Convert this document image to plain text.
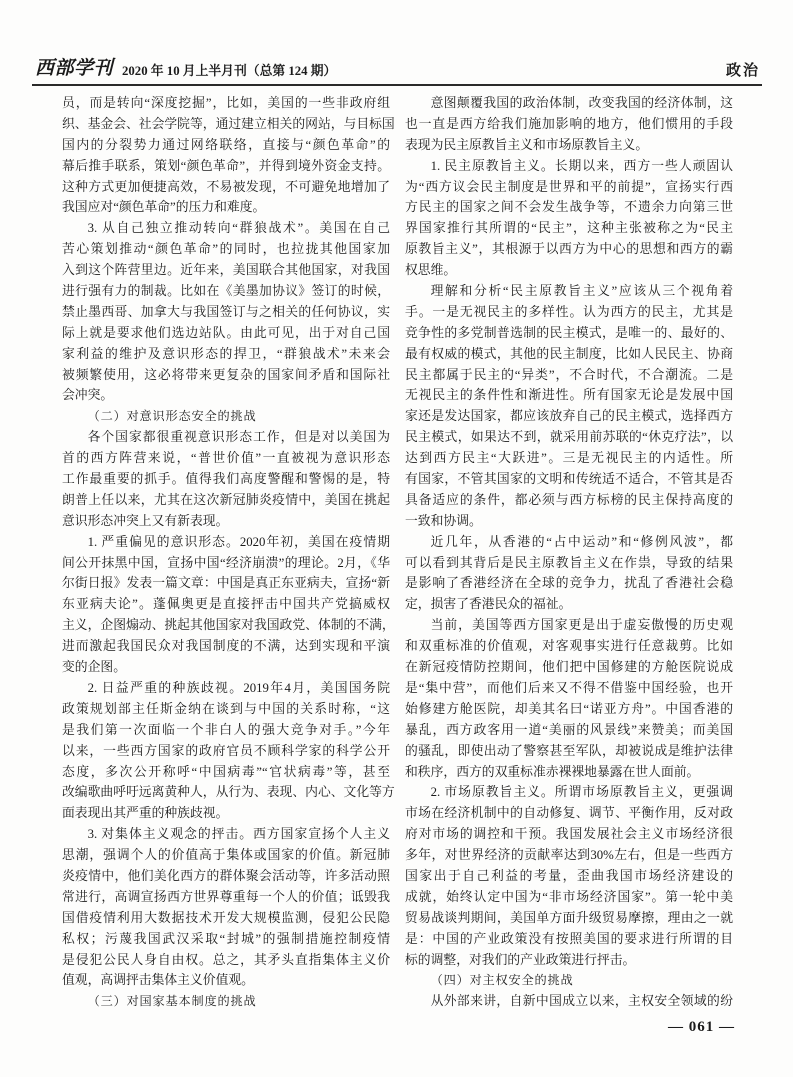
西部学刊 2020 年 10 月上半月刊（总第 124 期）	政治
员，而是转向“深度挖掘”，比如，美国的一些非政府组
织、基金会、社会学院等，通过建立相关的网站，与目标国
国内的分裂势力通过网络联络，直接与“颜色革命”的
幕后推手联系，策划“颜色革命”，并得到境外资金支持。
这种方式更加便捷高效，不易被发现，不可避免地增加了
我国应对“颜色革命”的压力和难度。
3. 从自己独立推动转向“群狼战术”。美国在自己
苦心策划推动“颜色革命”的同时，也拉拢其他国家加
入到这个阵营里边。近年来，美国联合其他国家，对我国
进行强有力的制裁。比如在《美墨加协议》签订的时候，
禁止墨西哥、加拿大与我国签订与之相关的任何协议，实
际上就是要求他们选边站队。由此可见，出于对自己国
家利益的维护及意识形态的捍卫，“群狼战术”未来会
被频繁使用，这必将带来更复杂的国家间矛盾和国际社
会冲突。
（二）对意识形态安全的挑战
各个国家都很重视意识形态工作，但是对以美国为
首的西方阵营来说，“普世价值”一直被视为意识形态
工作最重要的抓手。值得我们高度警醒和警惕的是，特
朗普上任以来，尤其在这次新冠肺炎疫情中，美国在挑起
意识形态冲突上又有新表现。
1. 严重偏见的意识形态。2020年初，美国在疫情期
间公开抹黑中国，宣扬中国“经济崩溃”的理论。2月，《华
尔街日报》发表一篇文章：中国是真正东亚病夫，宣扬“新
东亚病夫论”。蓬佩奥更是直接抨击中国共产党搞威权
主义，企图煽动、挑起其他国家对我国政党、体制的不满，
进而激起我国民众对我国制度的不满，达到实现和平演
变的企图。
2. 日益严重的种族歧视。2019年4月，美国国务院
政策规划部主任斯金纳在谈到与中国的关系时称，“这
是我们第一次面临一个非白人的强大竞争对手。”今年
以来，一些西方国家的政府官员不顾科学家的科学公开
态度，多次公开称呼“中国病毒”“官状病毒”等，甚至
改编歌曲呼吁远离黄种人，从行为、表现、内心、文化等方
面表现出其严重的种族歧视。
3. 对集体主义观念的抨击。西方国家宣扬个人主义
思潮，强调个人的价值高于集体或国家的价值。新冠肺
炎疫情中，他们美化西方的群体聚会活动等，许多活动照
常进行，高调宣扬西方世界尊重每一个人的价值；诋毁我
国借疫情利用大数据技术开发大规模监测，侵犯公民隐
私权；污蔑我国武汉采取“封城”的强制措施控制疫情
是侵犯公民人身自由权。总之，其矛头直指集体主义价
值观，高调抨击集体主义价值观。
（三）对国家基本制度的挑战
意图颠覆我国的政治体制，改变我国的经济体制，这
也一直是西方给我们施加影响的地方，他们惯用的手段
表现为民主原教旨主义和市场原教旨主义。
1. 民主原教旨主义。长期以来，西方一些人顽固认
为“西方议会民主制度是世界和平的前提”，宣扬实行西
方民主的国家之间不会发生战争等，不遗余力向第三世
界国家推行其所谓的“民主”，这种主张被称之为“民主
原教旨主义”，其根源于以西方为中心的思想和西方的霸
权思维。
理解和分析“民主原教旨主义”应该从三个视角着
手。一是无视民主的多样性。认为西方的民主，尤其是
竞争性的多党制普选制的民主模式，是唯一的、最好的、
最有权威的模式，其他的民主制度，比如人民民主、协商
民主都属于民主的“异类”，不合时代，不合潮流。二是
无视民主的条件性和渐进性。所有国家无论是发展中国
家还是发达国家，都应该放弃自己的民主模式，选择西方
民主模式，如果达不到，就采用前苏联的“休克疗法”，以
达到西方民主“大跃进”。三是无视民主的内适性。所
有国家，不管其国家的文明和传统适不适合，不管其是否
具备适应的条件，都必须与西方标榜的民主保持高度的
一致和协调。
近几年，从香港的“占中运动”和“修例风波”，都
可以看到其背后是民主原教旨主义在作祟，导致的结果
是影响了香港经济在全球的竞争力，扰乱了香港社会稳
定，损害了香港民众的福祉。
当前，美国等西方国家更是出于虚妄傲慢的历史观
和双重标准的价值观，对客观事实进行任意裁剪。比如
在新冠疫情防控期间，他们把中国修建的方舱医院说成
是“集中营”，而他们后来又不得不借鉴中国经验，也开
始修建方舱医院，却美其名曰“诺亚方舟”。中国香港的
暴乱，西方政客用一道“美丽的风景线”来赞美；而美国
的骚乱，即使出动了警察甚至军队，却被说成是维护法律
和秩序，西方的双重标准赤裸裸地暴露在世人面前。
2. 市场原教旨主义。所谓市场原教旨主义，更强调
市场在经济机制中的自动修复、调节、平衡作用，反对政
府对市场的调控和干预。我国发展社会主义市场经济很
多年，对世界经济的贡献率达到30%左右，但是一些西方
国家出于自己利益的考量，歪曲我国市场经济建设的
成就，始终认定中国为“非市场经济国家”。第一轮中美
贸易战谈判期间，美国单方面升级贸易摩擦，理由之一就
是：中国的产业政策没有按照美国的要求进行所谓的目
标的调整，对我们的产业政策进行抨击。
（四）对主权安全的挑战
从外部来讲，自新中国成立以来，主权安全领域的纷
— 061 —
